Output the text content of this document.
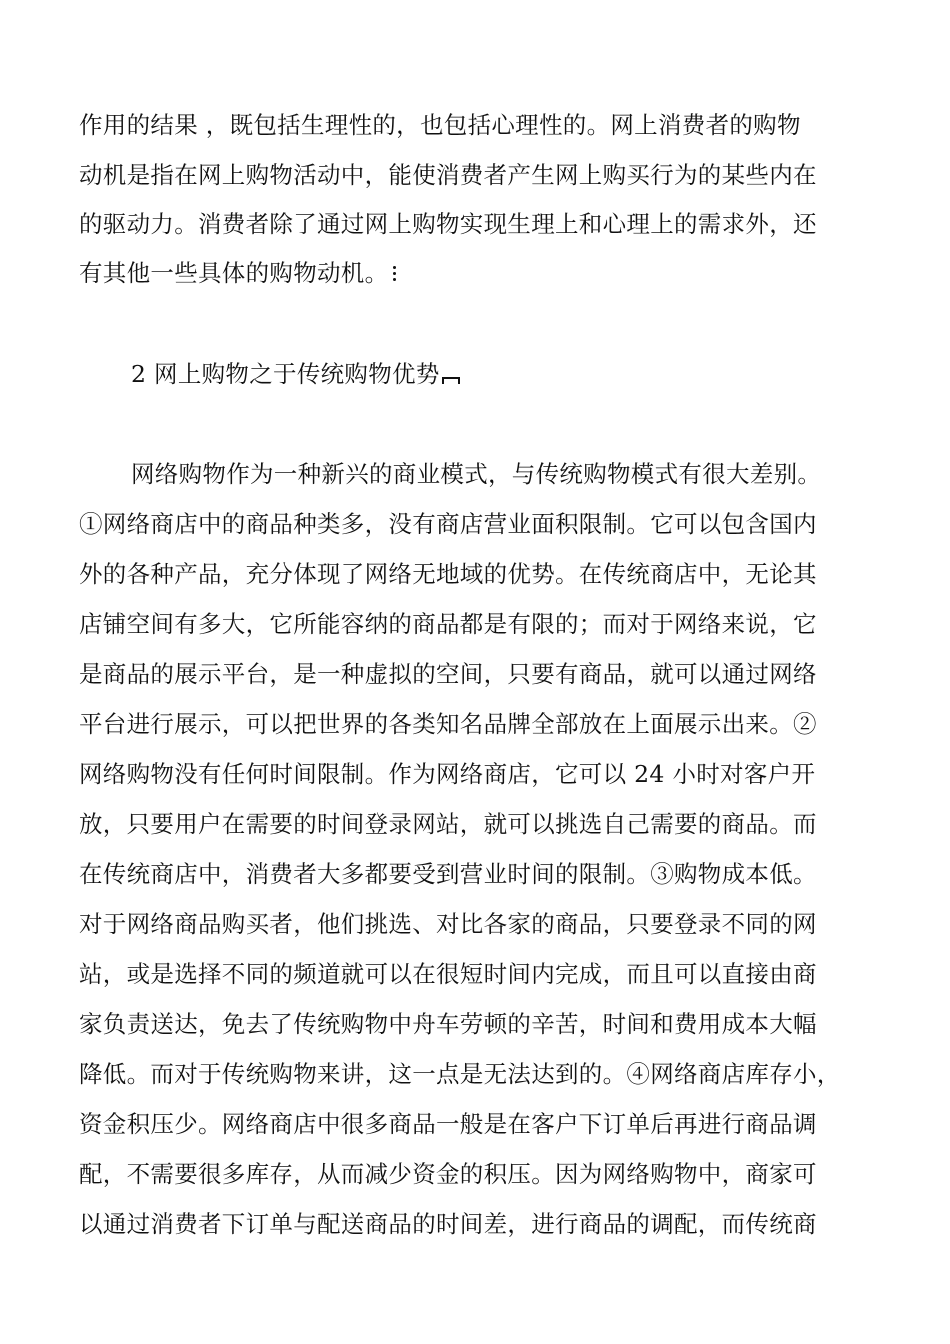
作用的结果 ，既包括生理性的，也包括心理性的。网上消费者的购物
动机是指在网上购物活动中，能使消费者产生网上购买行为的某些内在
的驱动力。消费者除了通过网上购物实现生理上和心理上的需求外，还
有其他一些具体的购物动机。
2 网上购物之于传统购物优势
网络购物作为一种新兴的商业模式，与传统购物模式有很大差别。
①网络商店中的商品种类多，没有商店营业面积限制。它可以包含国内
外的各种产品，充分体现了网络无地域的优势。在传统商店中，无论其
店铺空间有多大，它所能容纳的商品都是有限的；而对于网络来说，它
是商品的展示平台，是一种虚拟的空间，只要有商品，就可以通过网络
平台进行展示，可以把世界的各类知名品牌全部放在上面展示出来。②
网络购物没有任何时间限制。作为网络商店，它可以 24 小时对客户开
放，只要用户在需要的时间登录网站，就可以挑选自己需要的商品。而
在传统商店中，消费者大多都要受到营业时间的限制。③购物成本低。
对于网络商品购买者，他们挑选、对比各家的商品，只要登录不同的网
站，或是选择不同的频道就可以在很短时间内完成，而且可以直接由商
家负责送达，免去了传统购物中舟车劳顿的辛苦，时间和费用成本大幅
降低。而对于传统购物来讲，这一点是无法达到的。④网络商店库存小，
资金积压少。网络商店中很多商品一般是在客户下订单后再进行商品调
配，不需要很多库存，从而减少资金的积压。因为网络购物中，商家可
以通过消费者下订单与配送商品的时间差，进行商品的调配，而传统商
